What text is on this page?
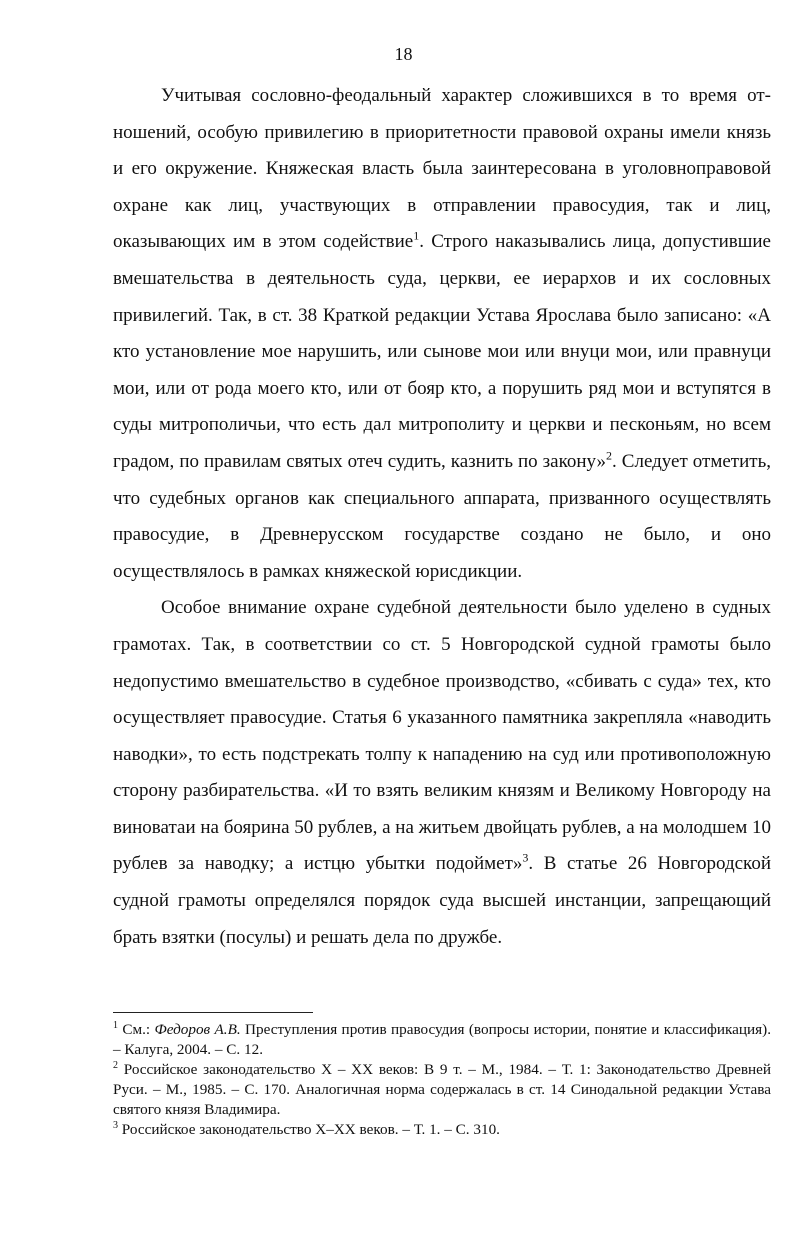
18

Учитывая сословно-феодальный характер сложившихся в то время отношений, особую привилегию в приоритетности правовой охраны имели князь и его окружение. Княжеская власть была заинтересована в уголовноправовой охране как лиц, участвующих в отправлении правосудия, так и лиц, оказывающих им в этом содействие$^1$. Строго наказывались лица, допустившие вмешательства в деятельность суда, церкви, ее иерархов и их сословных привилегий. Так, в ст. 38 Краткой редакции Устава Ярослава было записано: «А кто установление мое нарушить, или сынове мои или внуци мои, или правнуци мои, или от рода моего кто, или от бояр кто, а порушить ряд мои и вступятся в суды митрополичьи, что есть дал митрополиту и церкви и песконьям, но всем градом, по правилам святых отеч судить, казнить по закону»$^2$. Следует отметить, что судебных органов как специального аппарата, призванного осуществлять правосудие, в Древнерусском государстве создано не было, и оно осуществлялось в рамках княжеской юрисдикции.

Особое внимание охране судебной деятельности было уделено в судных грамотах. Так, в соответствии со ст. 5 Новгородской судной грамоты было недопустимо вмешательство в судебное производство, «сбивать с суда» тех, кто осуществляет правосудие. Статья 6 указанного памятника закрепляла «наводить наводки», то есть подстрекать толпу к нападению на суд или противоположную сторону разбирательства. «И то взять великим князям и Великому Новгороду на виноватаи на бояринa 50 рублев, а на житьем двойцать рублев, а на молодшем 10 рублев за наводку; а истцю убытки подоймет»$^3$. В статье 26 Новгородской судной грамоты определялся порядок суда высшей инстанции, запрещающий брать взятки (посулы) и решать дела по дружбе.

$^1$ См.: Федоров А.В. Преступления против правосудия (вопросы истории, понятие и классификация). – Калуга, 2004. – С. 12.

$^2$ Российское законодательство X – XX веков: В 9 т. – М., 1984. – Т. 1: Законодательство Древней Руси. – М., 1985. – С. 170. Аналогичная норма содержалась в ст. 14 Синодальной редакции Устава святого князя Владимира.

$^3$ Российское законодательство X–XX веков. – Т. 1. – С. 310.
